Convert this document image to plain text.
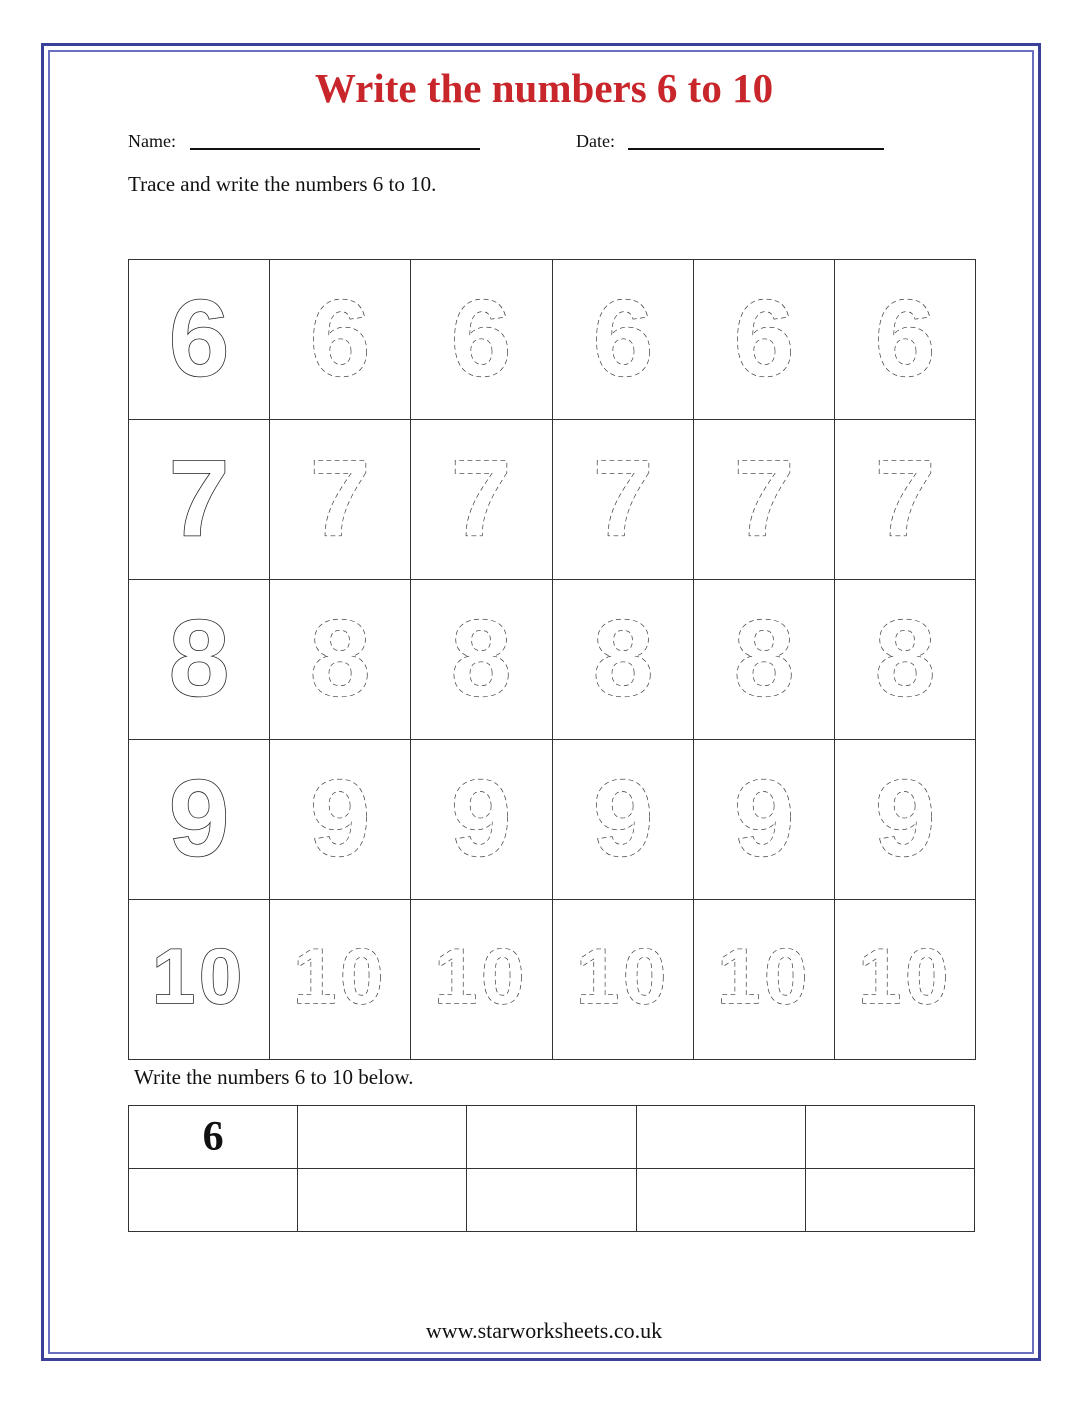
Write the numbers 6 to 10
Name:	Date:
Trace and write the numbers 6 to 10.
6 6 6 6 6 6
7 7 7 7 7 7
8 8 8 8 8 8
9 9 9 9 9 9
10 10 10 10 10 10
Write the numbers 6 to 10 below.
6
www.starworksheets.co.uk
